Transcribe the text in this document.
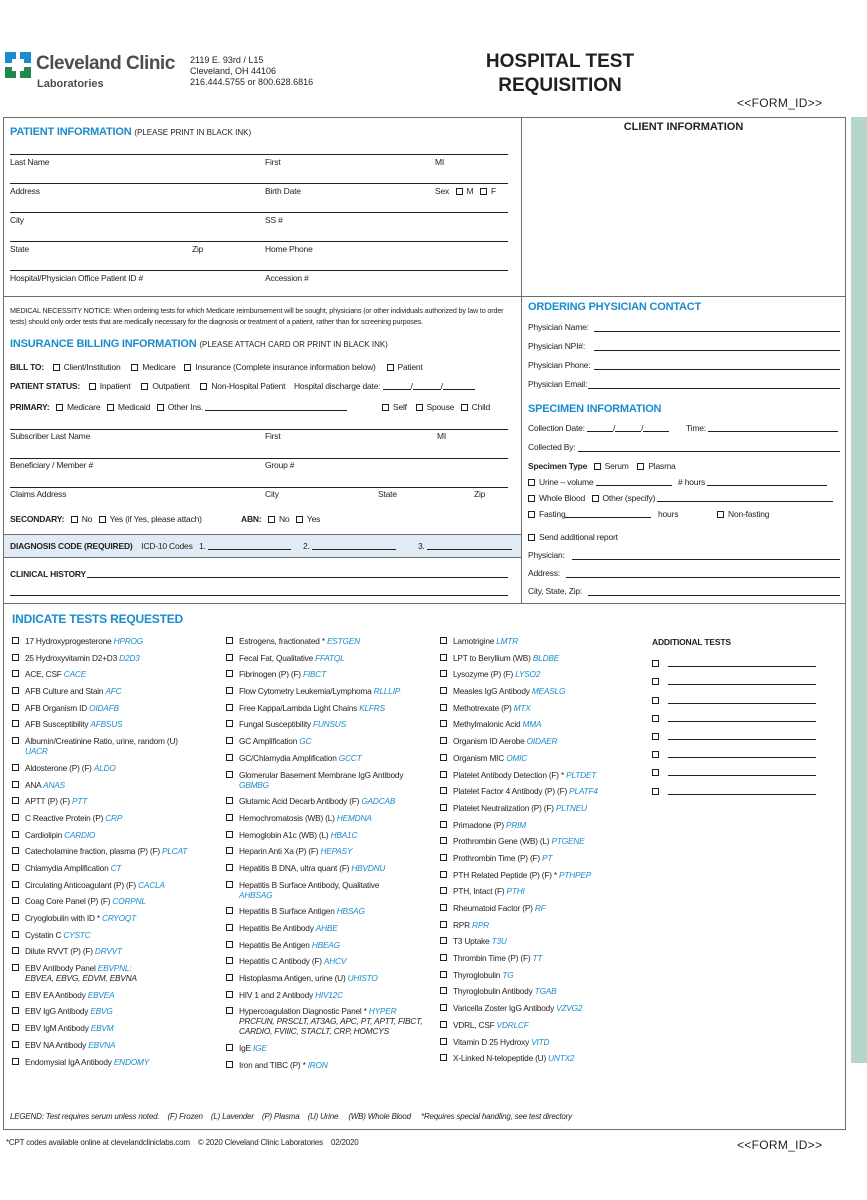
Cleveland Clinic
Laboratories
2119 E. 93rd / L15
Cleveland, OH 44106
216.444.5755 or 800.628.6816
HOSPITAL TEST
REQUISITION
<<FORM_ID>>
CLIENT INFORMATION
PATIENT INFORMATION (PLEASE PRINT IN BLACK INK)
Last Name	First	MI
Address	Birth Date	Sex M F
City	SS #
State	Zip	Home Phone
Hospital/Physician Office Patient ID #	Accession #
MEDICAL NECESSITY NOTICE: When ordering tests for which Medicare reimbursement will be sought, physicians (or other individuals authorized by law to order tests) should only order tests that are medically necessary for the diagnosis or treatment of a patient, rather than for screening purposes.
INSURANCE BILLING INFORMATION (PLEASE ATTACH CARD OR PRINT IN BLACK INK)
BILL TO: Client/Institution	Medicare Insurance (Complete insurance information below)	Patient
PATIENT STATUS: Inpatient	Outpatient	Non-Hospital Patient Hospital discharge date:	/	/
PRIMARY: Medicare Medicaid Other Ins.	Self Spouse Child
Subscriber Last Name	First	MI
Beneficiary / Member #	Group #
Claims Address	City	State	Zip
SECONDARY: No Yes (if Yes, please attach)	ABN: No Yes
DIAGNOSIS CODE (REQUIRED) ICD-10 Codes 1.	2.	3.
CLINICAL HISTORY
ORDERING PHYSICIAN CONTACT
Physician Name:
Physician NPI#:
Physician Phone:
Physician Email:
SPECIMEN INFORMATION
Collection Date:	/	/	Time:
Collected By:
Specimen Type Serum Plasma
Urine – volume	# hours
Whole Blood Other (specify)
Fasting	hours	Non-fasting
Send additional report
Physician:
Address:
City, State, Zip:
INDICATE TESTS REQUESTED
17 Hydroxyprogesterone HPROG
25 Hydroxyvitamin D2+D3 D2D3
ACE, CSF CACE
AFB Culture and Stain AFC
AFB Organism ID OIDAFB
AFB Susceptibility AFBSUS
Albumin/Creatinine Ratio, urine, random (U)
UACR
Aldosterone (P) (F) ALDO
ANA ANAS
APTT (P) (F) PTT
C Reactive Protein (P) CRP
Cardiolipin CARDIO
Catecholamine fraction, plasma (P) (F) PLCAT
Chlamydia Amplification CT
Circulating Anticoagulant (P) (F) CACLA
Coag Core Panel (P) (F) CORPNL
Cryoglobulin with ID * CRYOQT
Cystatin C CYSTC
Dilute RVVT (P) (F) DRVVT
EBV Antibody Panel EBVPNL:
EBVEA, EBVG, EDVM, EBVNA
EBV EA Antibody EBVEA
EBV IgG Antibody EBVG
EBV IgM Antibody EBVM
EBV NA Antibody EBVNA
Endomysial IgA Antibody ENDOMY
Estrogens, fractionated * ESTGEN
Fecal Fat, Qualitative FFATQL
Fibrinogen (P) (F) FIBCT
Flow Cytometry Leukemia/Lymphoma RLLLIP
Free Kappa/Lambda Light Chains KLFRS
Fungal Susceptibility FUNSUS
GC Amplification GC
GC/Chlamydia Amplification GCCT
Glomerular Basement Membrane IgG Antibody
GBMBG
Glutamic Acid Decarb Antibody (F) GADCAB
Hemochromatosis (WB) (L) HEMDNA
Hemoglobin A1c (WB) (L) HBA1C
Heparin Anti Xa (P) (F) HEPASY
Hepatitis B DNA, ultra quant (F) HBVDNU
Hepatitis B Surface Antibody, Qualitative
AHBSAG
Hepatitis B Surface Antigen HBSAG
Hepatitis Be Antibody AHBE
Hepatitis Be Antigen HBEAG
Hepatitis C Antibody (F) AHCV
Histoplasma Antigen, urine (U) UHISTO
HIV 1 and 2 Antibody HIV12C
Hypercoagulation Diagnostic Panel * HYPER
PRCFUN, PRSCLT, AT3AG, APC, PT, APTT, FIBCT, CARDIO, FVIIIC, STACLT, CRP, HOMCYS
IgE IGE
Iron and TIBC (P) * IRON
Lamotrigine LMTR
LPT to Beryllium (WB) BLDBE
Lysozyme (P) (F) LYSO2
Measles IgG Antibody MEASLG
Methotrexate (P) MTX
Methylmalonic Acid MMA
Organism ID Aerobe OIDAER
Organism MIC OMIC
Platelet Antibody Detection (F) * PLTDET
Platelet Factor 4 Antibody (P) (F) PLATF4
Platelet Neutralization (P) (F) PLTNEU
Primadone (P) PRIM
Prothrombin Gene (WB) (L) PTGENE
Prothrombin Time (P) (F) PT
PTH Related Peptide (P) (F) * PTHPEP
PTH, Intact (F) PTHI
Rheumatoid Factor (P) RF
RPR RPR
T3 Uptake T3U
Thrombin Time (P) (F) TT
Thyroglobulin TG
Thyroglobulin Antibody TGAB
Varicella Zoster IgG Antibody VZVG2
VDRL, CSF VDRLCF
Vitamin D 25 Hydroxy VITD
X-Linked N-telopeptide (U) UNTX2
ADDITIONAL TESTS
LEGEND: Test requires serum unless noted.    (F) Frozen    (L) Lavender    (P) Plasma    (U) Urine     (WB) Whole Blood     *Requires special handling, see test directory
*CPT codes available online at clevelandcliniclabs.com © 2020 Cleveland Clinic Laboratories 02/2020	<<FORM_ID>>
